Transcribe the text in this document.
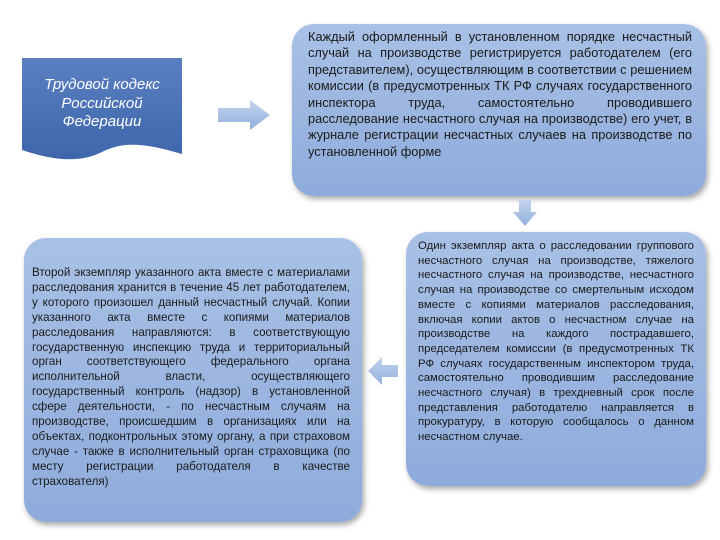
Трудовой кодекс Российской Федерации

Каждый оформленный в установленном порядке несчастный случай на производстве регистрируется работодателем (его представителем), осуществляющим в соответствии с решением комиссии (в предусмотренных ТК РФ случаях государственного инспектора труда, самостоятельно проводившего расследование несчастного случая на производстве) его учет, в журнале регистрации несчастных случаев на производстве по установленной форме

Один экземпляр акта о расследовании группового несчастного случая на производстве, тяжелого несчастного случая на производстве, несчастного случая на производстве со смертельным исходом вместе с копиями материалов расследования, включая копии актов о несчастном случае на производстве на каждого пострадавшего, председателем комиссии (в предусмотренных ТК РФ случаях государственным инспектором труда, самостоятельно проводившим расследование несчастного случая) в трехдневный срок после представления работодателю направляется в прокуратуру, в которую сообщалось о данном несчастном случае.

Второй экземпляр указанного акта вместе с материалами расследования хранится в течение 45 лет работодателем, у которого произошел данный несчастный случай. Копии указанного акта вместе с копиями материалов расследования направляются: в соответствующую государственную инспекцию труда и территориальный орган соответствующего федерального органа исполнительной власти, осуществляющего государственный контроль (надзор) в установленной сфере деятельности, - по несчастным случаям на производстве, происшедшим в организациях или на объектах, подконтрольных этому органу, а при страховом случае - также в исполнительный орган страховщика (по месту регистрации работодателя в качестве страхователя)
